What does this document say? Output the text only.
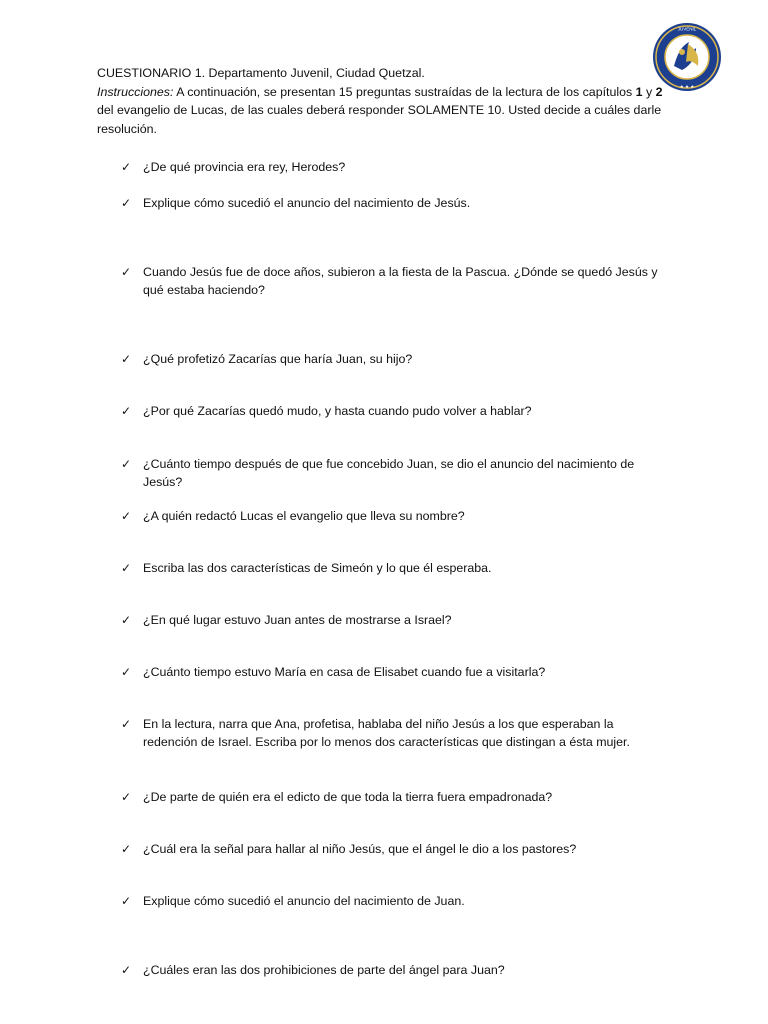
JUVENIL
★ ★ ★
CUESTIONARIO 1. Departamento Juvenil, Ciudad Quetzal.
Instrucciones: A continuación, se presentan 15 preguntas sustraídas de la lectura de los capítulos 1 y 2 del evangelio de Lucas, de las cuales deberá responder SOLAMENTE 10. Usted decide a cuáles darle resolución.
✓ ¿De qué provincia era rey, Herodes?
✓ Explique cómo sucedió el anuncio del nacimiento de Jesús.
✓ Cuando Jesús fue de doce años, subieron a la fiesta de la Pascua. ¿Dónde se quedó Jesús y qué estaba haciendo?
✓ ¿Qué profetizó Zacarías que haría Juan, su hijo?
✓ ¿Por qué Zacarías quedó mudo, y hasta cuando pudo volver a hablar?
✓ ¿Cuánto tiempo después de que fue concebido Juan, se dio el anuncio del nacimiento de Jesús?
✓ ¿A quién redactó Lucas el evangelio que lleva su nombre?
✓ Escriba las dos características de Simeón y lo que él esperaba.
✓ ¿En qué lugar estuvo Juan antes de mostrarse a Israel?
✓ ¿Cuánto tiempo estuvo María en casa de Elisabet cuando fue a visitarla?
✓ En la lectura, narra que Ana, profetisa, hablaba del niño Jesús a los que esperaban la redención de Israel. Escriba por lo menos dos características que distingan a ésta mujer.
✓ ¿De parte de quién era el edicto de que toda la tierra fuera empadronada?
✓ ¿Cuál era la señal para hallar al niño Jesús, que el ángel le dio a los pastores?
✓ Explique cómo sucedió el anuncio del nacimiento de Juan.
✓ ¿Cuáles eran las dos prohibiciones de parte del ángel para Juan?
